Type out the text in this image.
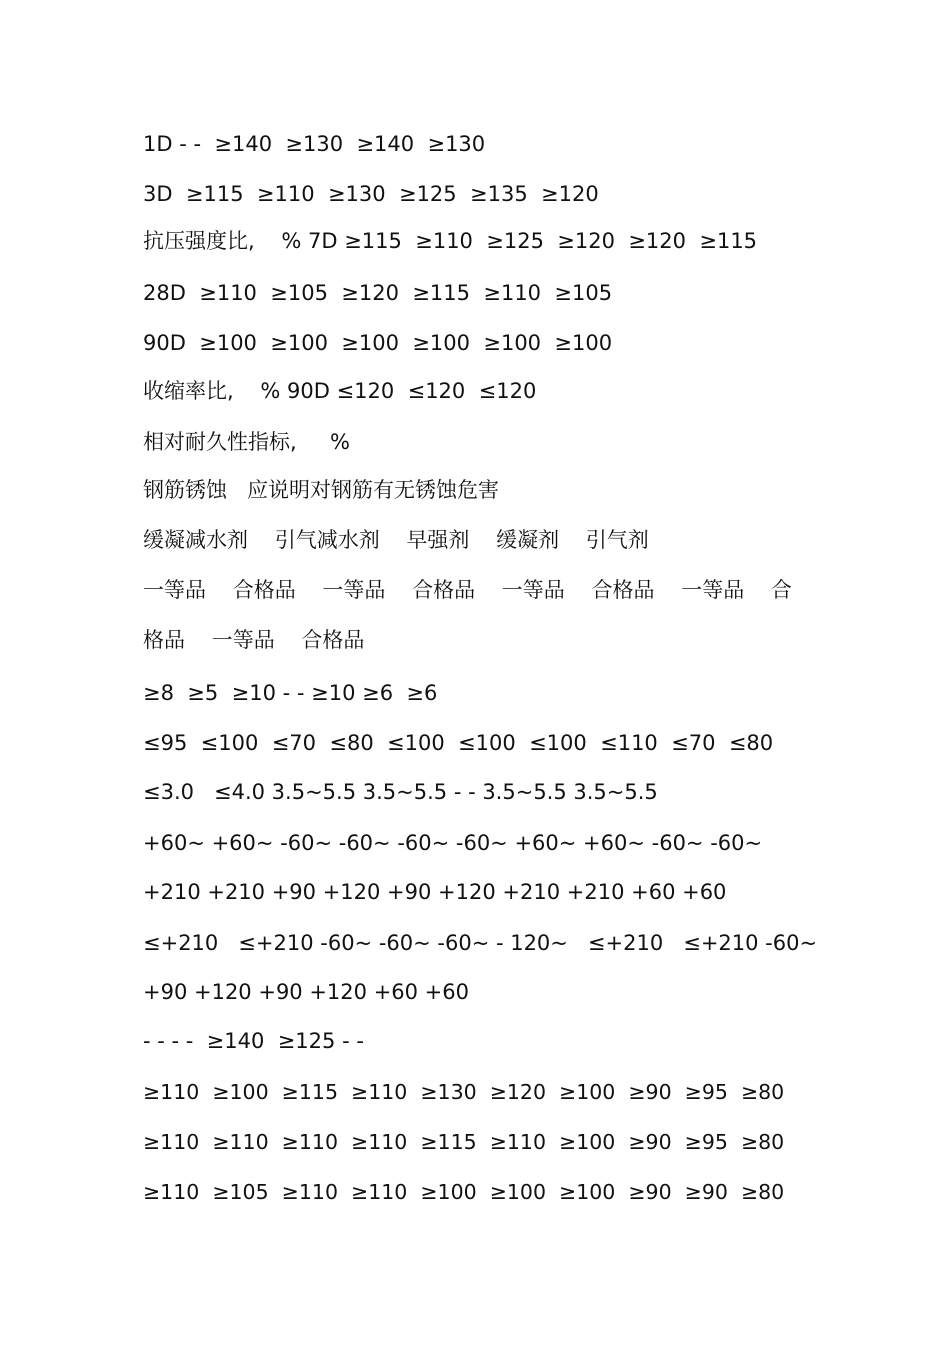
1D - -  ≥140  ≥130  ≥140  ≥130
3D  ≥115  ≥110  ≥130  ≥125  ≥135  ≥120
抗压强度比,    % 7D ≥115  ≥110  ≥125  ≥120  ≥120  ≥115
28D  ≥110  ≥105  ≥120  ≥115  ≥110  ≥105
90D  ≥100  ≥100  ≥100  ≥100  ≥100  ≥100
收缩率比,    % 90D ≤120  ≤120  ≤120
相对耐久性指标,     %
钢筋锈蚀   应说明对钢筋有无锈蚀危害
缓凝减水剂    引气减水剂    早强剂    缓凝剂    引气剂
一等品    合格品    一等品    合格品    一等品    合格品    一等品    合
格品    一等品    合格品
≥8  ≥5  ≥10 - - ≥10 ≥6  ≥6
≤95  ≤100  ≤70  ≤80  ≤100  ≤100  ≤100  ≤110  ≤70  ≤80
≤3.0   ≤4.0 3.5~5.5 3.5~5.5 - - 3.5~5.5 3.5~5.5
+60~ +60~ -60~ -60~ -60~ -60~ +60~ +60~ -60~ -60~
+210 +210 +90 +120 +90 +120 +210 +210 +60 +60
≤+210   ≤+210 -60~ -60~ -60~ - 120~   ≤+210   ≤+210 -60~
+90 +120 +90 +120 +60 +60
- - - -  ≥140  ≥125 - -
≥110  ≥100  ≥115  ≥110  ≥130  ≥120  ≥100  ≥90  ≥95  ≥80
≥110  ≥110  ≥110  ≥110  ≥115  ≥110  ≥100  ≥90  ≥95  ≥80
≥110  ≥105  ≥110  ≥110  ≥100  ≥100  ≥100  ≥90  ≥90  ≥80
